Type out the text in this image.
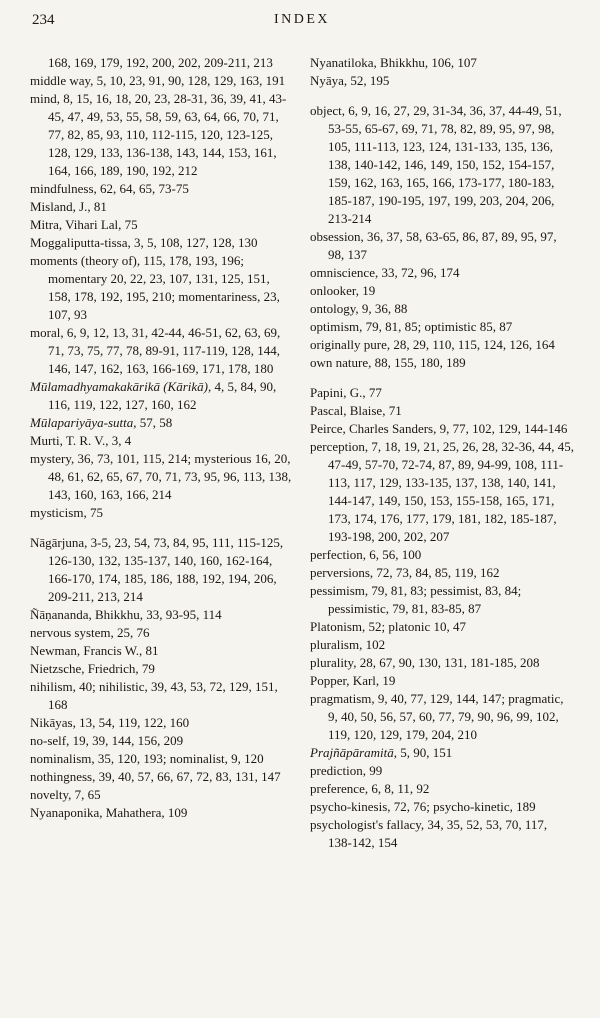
234	INDEX
168, 169, 179, 192, 200, 202, 209-211, 213
middle way, 5, 10, 23, 91, 90, 128, 129, 163, 191
mind, 8, 15, 16, 18, 20, 23, 28-31, 36, 39, 41, 43-45, 47, 49, 53, 55, 58, 59, 63, 64, 66, 70, 71, 77, 82, 85, 93, 110, 112-115, 120, 123-125, 128, 129, 133, 136-138, 143, 144, 153, 161, 164, 166, 189, 190, 192, 212
mindfulness, 62, 64, 65, 73-75
Misland, J., 81
Mitra, Vihari Lal, 75
Moggaliputta-tissa, 3, 5, 108, 127, 128, 130
moments (theory of), 115, 178, 193, 196; momentary 20, 22, 23, 107, 131, 125, 151, 158, 178, 192, 195, 210; momentariness, 23, 107, 93
moral, 6, 9, 12, 13, 31, 42-44, 46-51, 62, 63, 69, 71, 73, 75, 77, 78, 89-91, 117-119, 128, 144, 146, 147, 162, 163, 166-169, 171, 178, 180
Mūlamadhyamakakārikā (Kārikā), 4, 5, 84, 90, 116, 119, 122, 127, 160, 162
Mūlapariyāya-sutta, 57, 58
Murti, T. R. V., 3, 4
mystery, 36, 73, 101, 115, 214; mysterious 16, 20, 48, 61, 62, 65, 67, 70, 71, 73, 95, 96, 113, 138, 143, 160, 163, 166, 214
mysticism, 75
Nāgārjuna, 3-5, 23, 54, 73, 84, 95, 111, 115-125, 126-130, 132, 135-137, 140, 160, 162-164, 166-170, 174, 185, 186, 188, 192, 194, 206, 209-211, 213, 214
Ñāṇananda, Bhikkhu, 33, 93-95, 114
nervous system, 25, 76
Newman, Francis W., 81
Nietzsche, Friedrich, 79
nihilism, 40; nihilistic, 39, 43, 53, 72, 129, 151, 168
Nikāyas, 13, 54, 119, 122, 160
no-self, 19, 39, 144, 156, 209
nominalism, 35, 120, 193; nominalist, 9, 120
nothingness, 39, 40, 57, 66, 67, 72, 83, 131, 147
novelty, 7, 65
Nyanaponika, Mahathera, 109
Nyanatiloka, Bhikkhu, 106, 107
Nyāya, 52, 195
object, 6, 9, 16, 27, 29, 31-34, 36, 37, 44-49, 51, 53-55, 65-67, 69, 71, 78, 82, 89, 95, 97, 98, 105, 111-113, 123, 124, 131-133, 135, 136, 138, 140-142, 146, 149, 150, 152, 154-157, 159, 162, 163, 165, 166, 173-177, 180-183, 185-187, 190-195, 197, 199, 203, 204, 206, 213-214
obsession, 36, 37, 58, 63-65, 86, 87, 89, 95, 97, 98, 137
omniscience, 33, 72, 96, 174
onlooker, 19
ontology, 9, 36, 88
optimism, 79, 81, 85; optimistic 85, 87
originally pure, 28, 29, 110, 115, 124, 126, 164
own nature, 88, 155, 180, 189
Papini, G., 77
Pascal, Blaise, 71
Peirce, Charles Sanders, 9, 77, 102, 129, 144-146
perception, 7, 18, 19, 21, 25, 26, 28, 32-36, 44, 45, 47-49, 57-70, 72-74, 87, 89, 94-99, 108, 111-113, 117, 129, 133-135, 137, 138, 140, 141, 144-147, 149, 150, 153, 155-158, 165, 171, 173, 174, 176, 177, 179, 181, 182, 185-187, 193-198, 200, 202, 207
perfection, 6, 56, 100
perversions, 72, 73, 84, 85, 119, 162
pessimism, 79, 81, 83; pessimist, 83, 84; pessimistic, 79, 81, 83-85, 87
Platonism, 52; platonic 10, 47
pluralism, 102
plurality, 28, 67, 90, 130, 131, 181-185, 208
Popper, Karl, 19
pragmatism, 9, 40, 77, 129, 144, 147; pragmatic, 9, 40, 50, 56, 57, 60, 77, 79, 90, 96, 99, 102, 119, 120, 129, 179, 204, 210
Prajñāpāramitā, 5, 90, 151
prediction, 99
preference, 6, 8, 11, 92
psycho-kinesis, 72, 76; psycho-kinetic, 189
psychologist's fallacy, 34, 35, 52, 53, 70, 117, 138-142, 154
